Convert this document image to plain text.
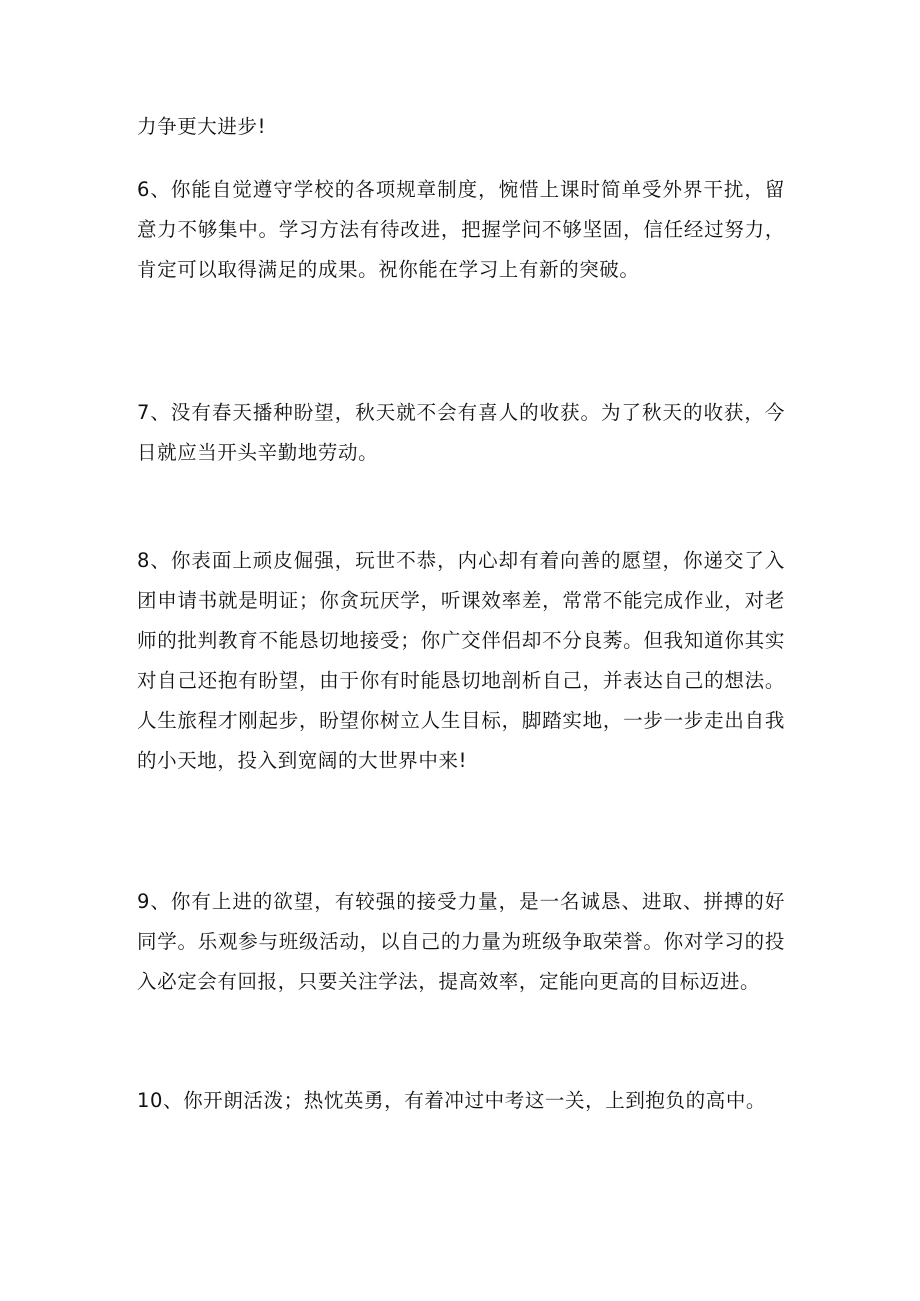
力争更大进步!

6、你能自觉遵守学校的各项规章制度，惋惜上课时简单受外界干扰，留意力不够集中。学习方法有待改进，把握学问不够坚固，信任经过努力，肯定可以取得满足的成果。祝你能在学习上有新的突破。

7、没有春天播种盼望，秋天就不会有喜人的收获。为了秋天的收获，今日就应当开头辛勤地劳动。

8、你表面上顽皮倔强，玩世不恭，内心却有着向善的愿望，你递交了入团申请书就是明证；你贪玩厌学，听课效率差，常常不能完成作业，对老师的批判教育不能恳切地接受；你广交伴侣却不分良莠。但我知道你其实对自己还抱有盼望，由于你有时能恳切地剖析自己，并表达自己的想法。人生旅程才刚起步，盼望你树立人生目标，脚踏实地，一步一步走出自我的小天地，投入到宽阔的大世界中来!

9、你有上进的欲望，有较强的接受力量，是一名诚恳、进取、拼搏的好同学。乐观参与班级活动，以自己的力量为班级争取荣誉。你对学习的投入必定会有回报，只要关注学法，提高效率，定能向更高的目标迈进。

10、你开朗活泼；热忱英勇，有着冲过中考这一关，上到抱负的高中。
